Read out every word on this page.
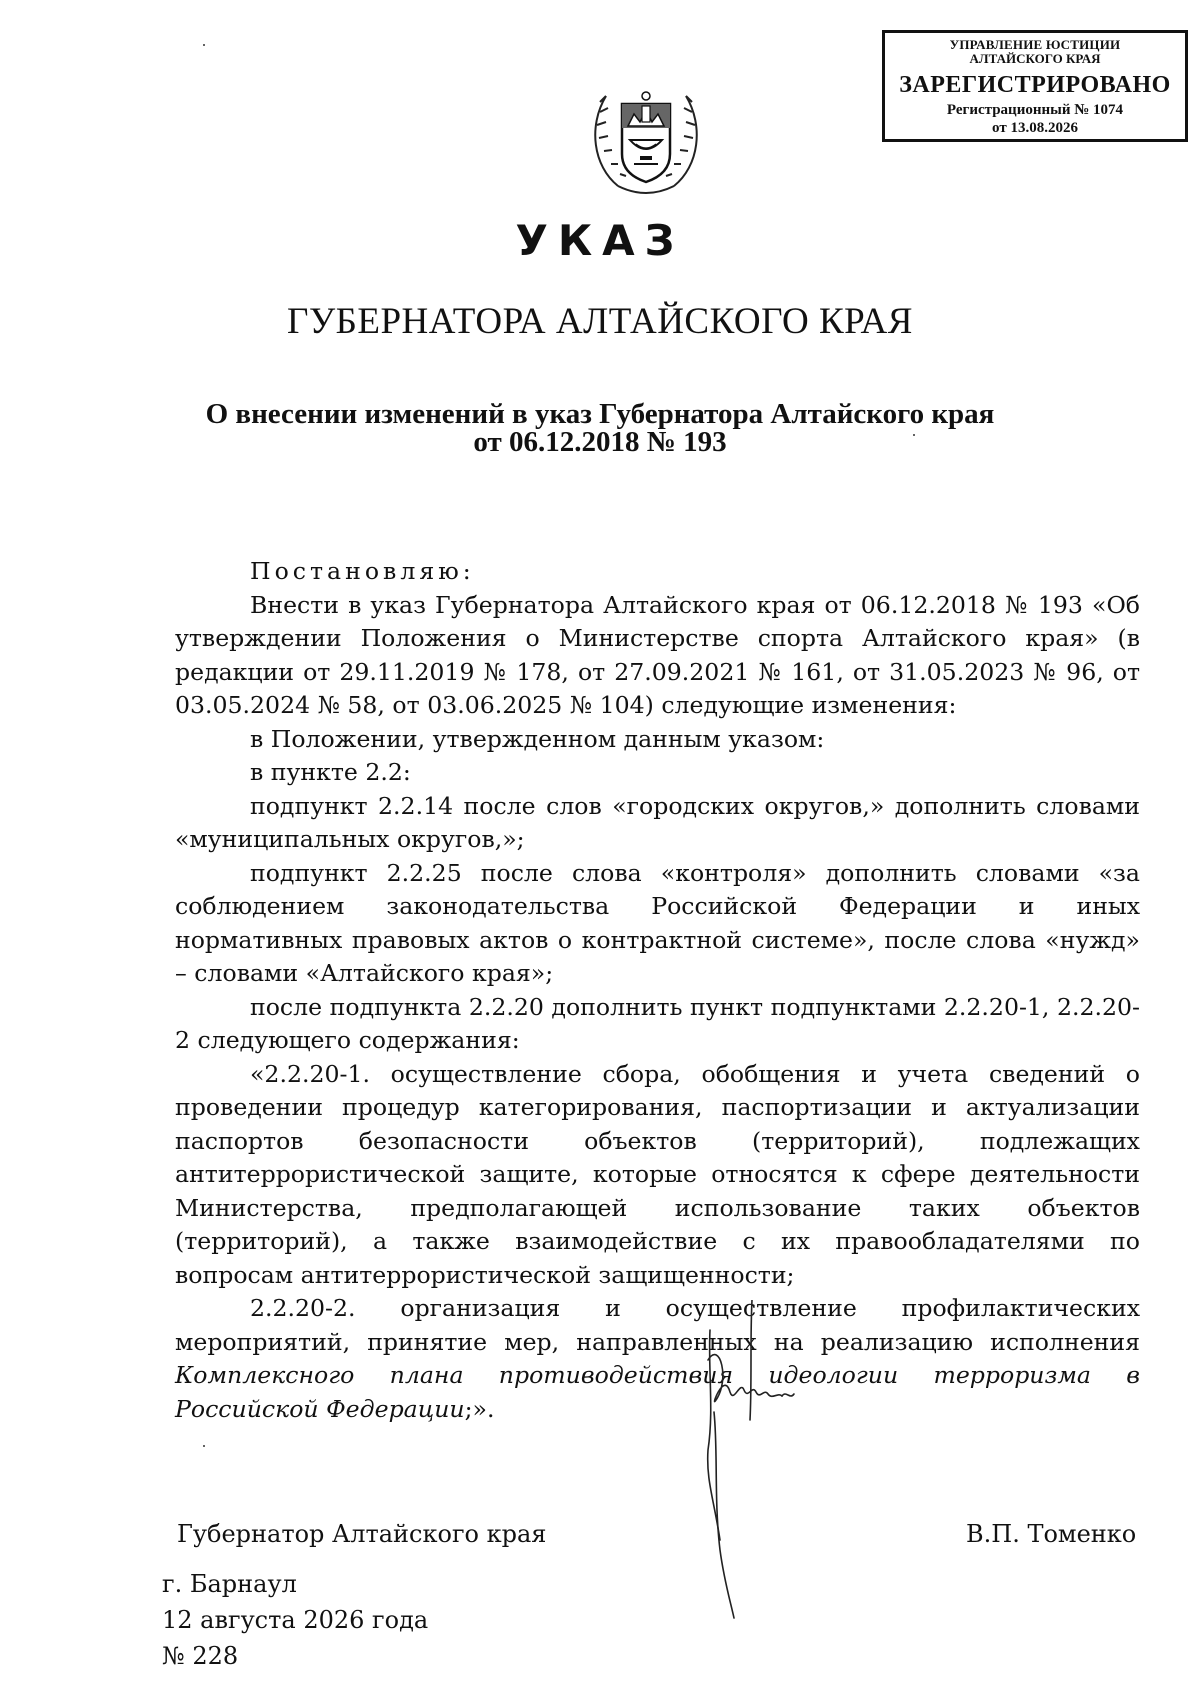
УПРАВЛЕНИЕ ЮСТИЦИИ
АЛТАЙСКОГО КРАЯ
ЗАРЕГИСТРИРОВАНО
Регистрационный № 1074
от 13.08.2026
УКАЗ
ГУБЕРНАТОРА АЛТАЙСКОГО КРАЯ
О внесении изменений в указ Губернатора Алтайского края
от 06.12.2018 № 193

Постановляю:

Внести в указ Губернатора Алтайского края от 06.12.2018 № 193 «Об утверждении Положения о Министерстве спорта Алтайского края» (в редакции от 29.11.2019 № 178, от 27.09.2021 № 161, от 31.05.2023 № 96, от 03.05.2024 № 58, от 03.06.2025 № 104) следующие изменения:

в Положении, утвержденном данным указом:

в пункте 2.2:

подпункт 2.2.14 после слов «городских округов,» дополнить словами «муниципальных округов,»;

подпункт 2.2.25 после слова «контроля» дополнить словами «за соблюдением законодательства Российской Федерации и иных нормативных правовых актов о контрактной системе», после слова «нужд» – словами «Алтайского края»;

после подпункта 2.2.20 дополнить пункт подпунктами 2.2.20-1, 2.2.20-2 следующего содержания:

«2.2.20-1. осуществление сбора, обобщения и учета сведений о проведении процедур категорирования, паспортизации и актуализации паспортов безопасности объектов (территорий), подлежащих антитеррористической защите, которые относятся к сфере деятельности Министерства, предполагающей использование таких объектов (территорий), а также взаимодействие с их правообладателями по вопросам антитеррористической защищенности;

2.2.20-2. организация и осуществление профилактических мероприятий, принятие мер, направленных на реализацию исполнения Комплексного плана противодействия идеологии терроризма в Российской Федерации;».

Губернатор Алтайского края	В.П. Томенко
г. Барнаул
12 августа 2026 года
№ 228
